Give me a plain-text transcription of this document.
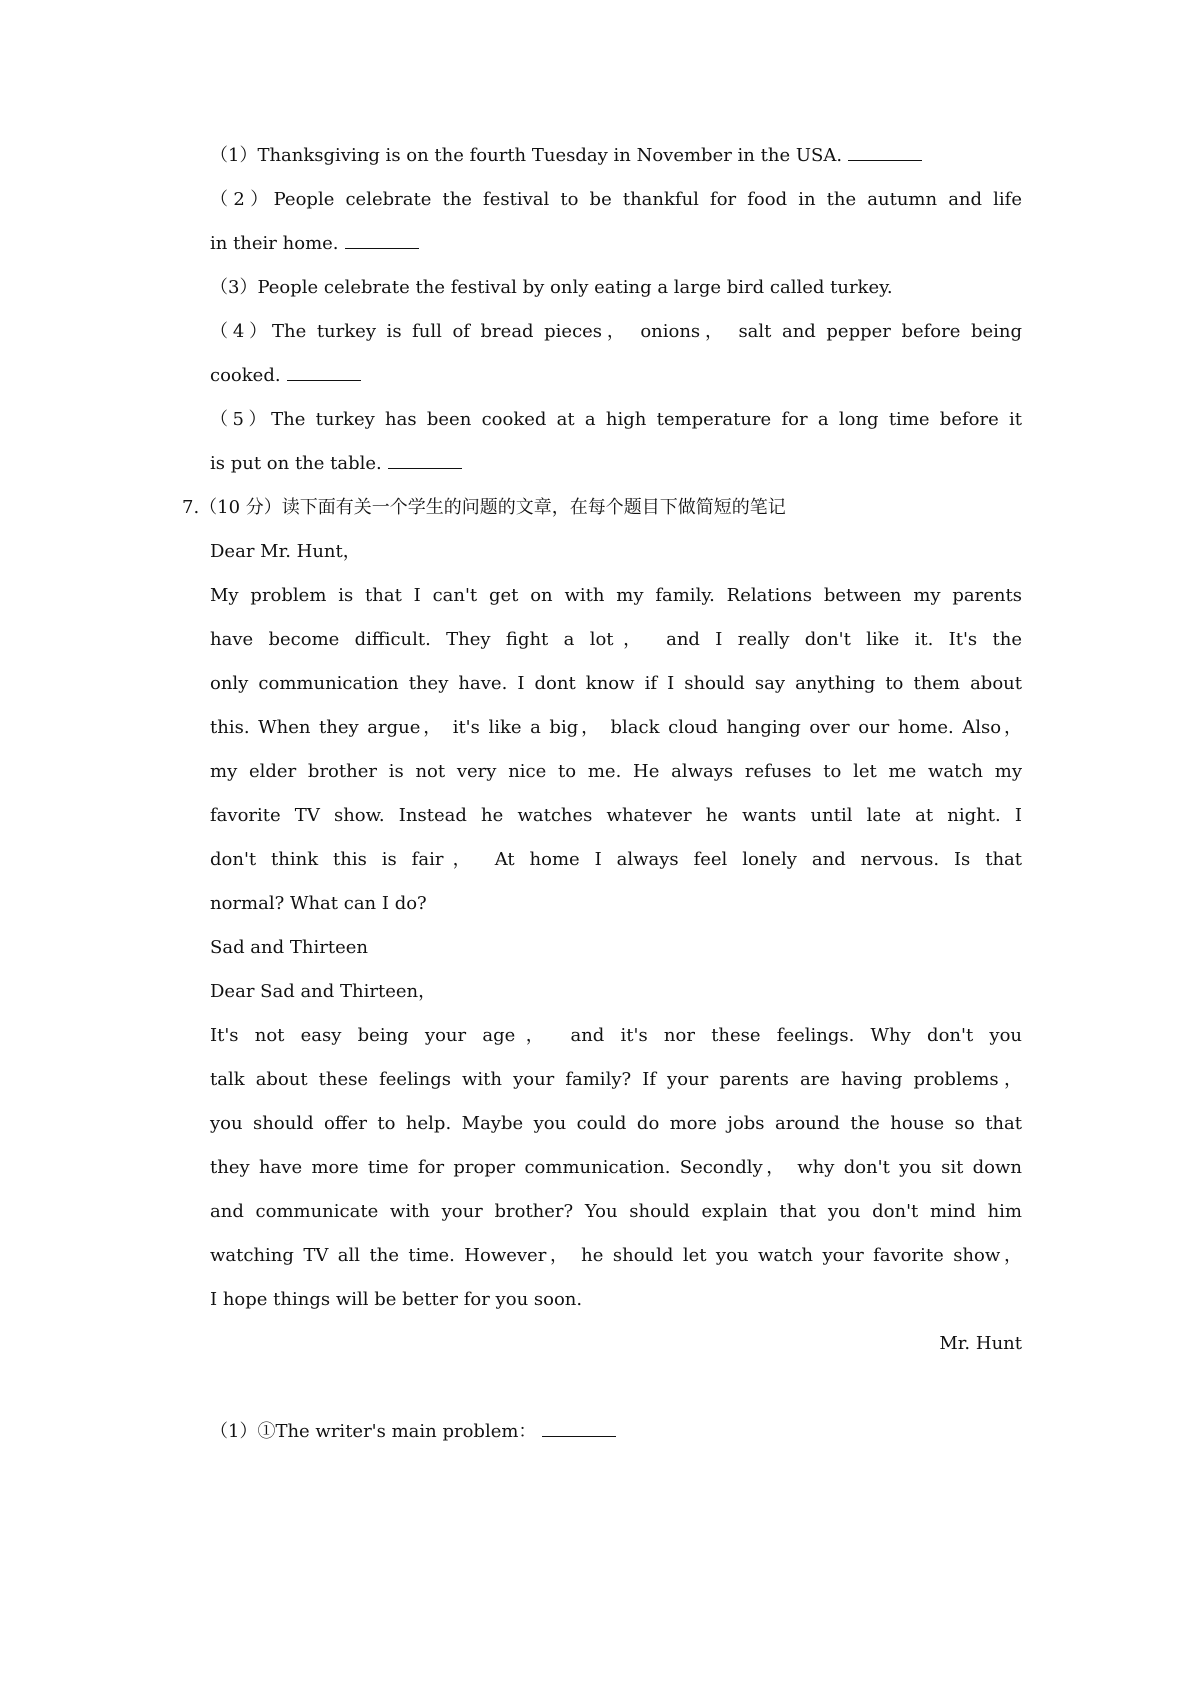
（1）Thanksgiving is on the fourth Tuesday in November in the USA.
（2）People celebrate the festival to be thankful for food in the autumn and life
in their home.
（3）People celebrate the festival by only eating a large bird called turkey.
（4）The turkey is full of bread pieces， onions， salt and pepper before being
cooked.
（5）The turkey has been cooked at a high temperature for a long time before it
is put on the table.
7.（10 分）读下面有关一个学生的问题的文章，在每个题目下做简短的笔记
Dear Mr. Hunt，
My problem is that I can't get on with my family. Relations between my parents
have become difficult. They fight a lot， and I really don't like it. It's the
only communication they have. I dont know if I should say anything to them about
this. When they argue， it's like a big， black cloud hanging over our home. Also，
my elder brother is not very nice to me. He always refuses to let me watch my
favorite TV show. Instead he watches whatever he wants until late at night. I
don't think this is fair， At home I always feel lonely and nervous. Is that
normal? What can I do?
Sad and Thirteen
Dear Sad and Thirteen，
It's not easy being your age， and it's nor these feelings. Why don't you
talk about these feelings with your family? If your parents are having problems，
you should offer to help. Maybe you could do more jobs around the house so that
they have more time for proper communication. Secondly， why don't you sit down
and communicate with your brother? You should explain that you don't mind him
watching TV all the time. However， he should let you watch your favorite show，
I hope things will be better for you soon.
Mr. Hunt
（1）①The writer's main problem：
